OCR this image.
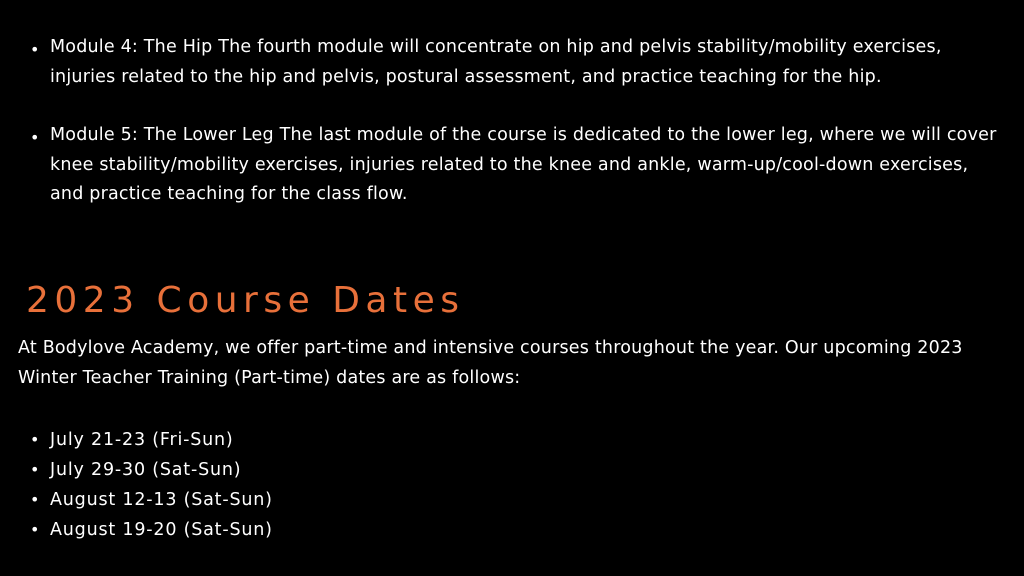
• Module 4: The Hip The fourth module will concentrate on hip and pelvis stability/mobility exercises, injuries related to the hip and pelvis, postural assessment, and practice teaching for the hip.
• Module 5: The Lower Leg The last module of the course is dedicated to the lower leg, where we will cover knee stability/mobility exercises, injuries related to the knee and ankle, warm-up/cool-down exercises, and practice teaching for the class flow.
2023 Course Dates

At Bodylove Academy, we offer part-time and intensive courses throughout the year. Our upcoming 2023 Winter Teacher Training (Part-time) dates are as follows:

• July 21-23 (Fri-Sun)
• July 29-30 (Sat-Sun)
• August 12-13 (Sat-Sun)
• August 19-20 (Sat-Sun)
